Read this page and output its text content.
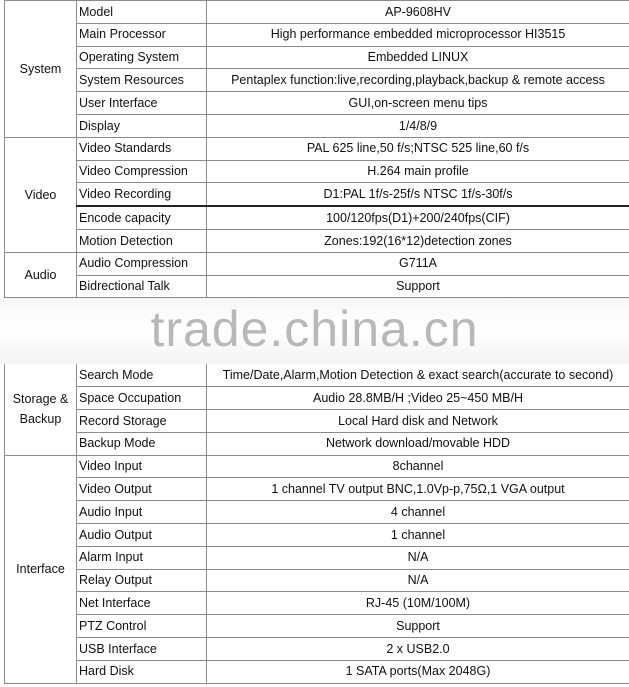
System	Model	AP-9608HV
	Main Processor	High performance embedded microprocessor HI3515
	Operating System	Embedded LINUX
	System Resources	Pentaplex function:live,recording,playback,backup & remote access
	User Interface	GUI,on-screen menu tips
	Display	1/4/8/9
Video	Video Standards	PAL 625 line,50 f/s;NTSC 525 line,60 f/s
	Video Compression	H.264 main profile
	Video Recording	D1:PAL 1f/s-25f/s NTSC 1f/s-30f/s
	Encode capacity	100/120fps(D1)+200/240fps(CIF)
	Motion Detection	Zones:192(16*12)detection zones
Audio	Audio Compression	G711A
	Bidrectional Talk	Support

Storage & Backup	Search Mode	Time/Date,Alarm,Motion Detection & exact search(accurate to second)
	Space Occupation	Audio 28.8MB/H ;Video 25~450 MB/H
	Record Storage	Local Hard disk and Network
	Backup Mode	Network download/movable HDD
Interface	Video Input	8channel
	Video Output	1 channel TV output BNC,1.0Vp-p,75Ω,1 VGA output
	Audio Input	4 channel
	Audio Output	1 channel
	Alarm Input	N/A
	Relay Output	N/A
	Net Interface	RJ-45 (10M/100M)
	PTZ Control	Support
	USB Interface	2 x USB2.0
	Hard Disk	1 SATA ports(Max 2048G)
trade.china.cn
